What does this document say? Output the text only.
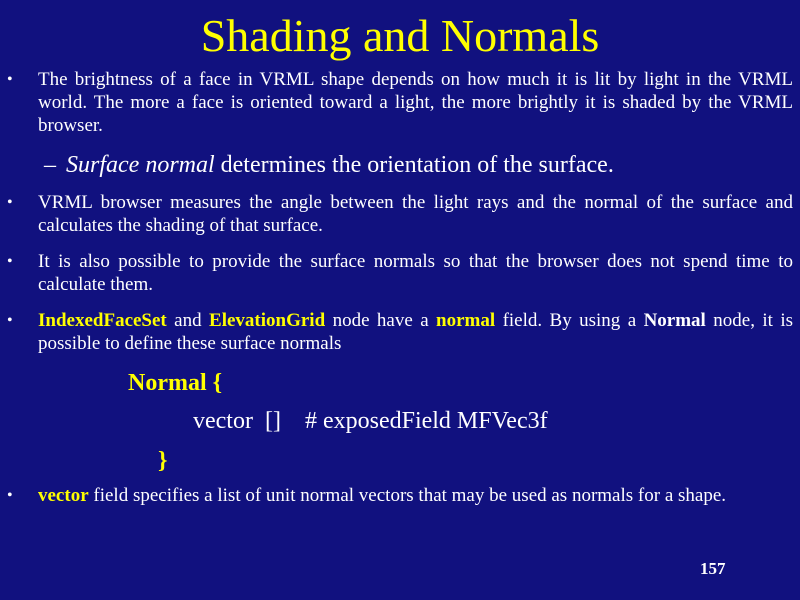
Shading and Normals
• The brightness of a face in VRML shape depends on how much it is lit by light in the VRML world. The more a face is oriented toward a light, the more brightly it is shaded by the VRML browser.
– Surface normal determines the orientation of the surface.
• VRML browser measures the angle between the light rays and the normal of the surface and calculates the shading of that surface.
• It is also possible to provide the surface normals so that the browser does not spend time to calculate them.
• IndexedFaceSet and ElevationGrid node have a normal field. By using a Normal node, it is possible to define these surface normals
Normal {
vector [] # exposedField MFVec3f
}
• vector field specifies a list of unit normal vectors that may be used as normals for a shape.
157
